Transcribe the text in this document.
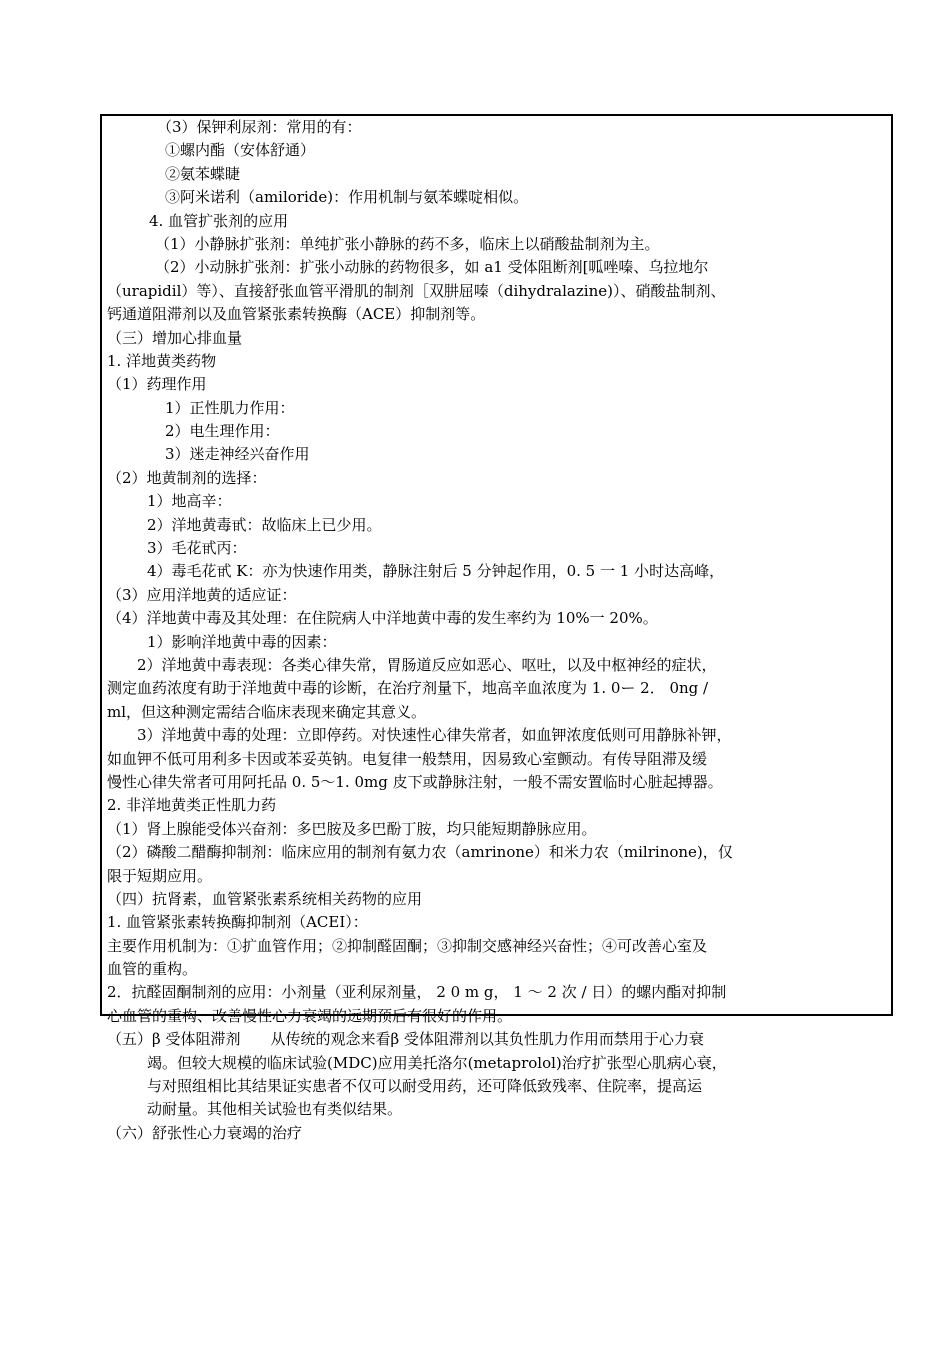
（3）保钾利尿剂：常用的有：
①螺内酯（安体舒通）
②氨苯蝶睫
③阿米诺利（amiloride)：作用机制与氨苯蝶啶相似。
4. 血管扩张剂的应用
（1）小静脉扩张剂：单纯扩张小静脉的药不多，临床上以硝酸盐制剂为主。
（2）小动脉扩张剂：扩张小动脉的药物很多，如 a1 受体阻断剂[呱唑嗪、乌拉地尔
（urapidil）等）、直接舒张血管平滑肌的制剂［双肼屈嗪（dihydralazine)）、硝酸盐制剂、
钙通道阻滞剂以及血管紧张素转换酶（ACE）抑制剂等。
（三）增加心排血量
1. 洋地黄类药物
（1）药理作用
1）正性肌力作用：
2）电生理作用：
3）迷走神经兴奋作用
（2）地黄制剂的选择：
1）地高辛：
2）洋地黄毒甙：故临床上已少用。
3）毛花甙丙：
4）毒毛花甙 K：亦为快速作用类，静脉注射后 5 分钟起作用，0. 5 一 1 小时达高峰，
（3）应用洋地黄的适应证：
（4）洋地黄中毒及其处理：在住院病人中洋地黄中毒的发生率约为 10%一 20%。
1）影响洋地黄中毒的因素：
2）洋地黄中毒表现：各类心律失常，胃肠道反应如恶心、呕吐，以及中枢神经的症状，
测定血药浓度有助于洋地黄中毒的诊断，在治疗剂量下，地高辛血浓度为 1. 0ー 2． 0ng /
ml，但这种测定需结合临床表现来确定其意义。
3）洋地黄中毒的处理：立即停药。对快速性心律失常者，如血钾浓度低则可用静脉补钾，
如血钾不低可用利多卡因或苯妥英钠。电复律一般禁用，因易致心室颤动。有传导阻滞及缓
慢性心律失常者可用阿托品 0. 5～1. 0mg 皮下或静脉注射，一般不需安置临时心脏起搏器。
2. 非洋地黄类正性肌力药
（1）肾上腺能受体兴奋剂：多巴胺及多巴酚丁胺，均只能短期静脉应用。
（2）磷酸二醋酶抑制剂：临床应用的制剂有氨力农（amrinone）和米力农（milrinone)，仅
限于短期应用。
（四）抗肾素，血管紧张素系统相关药物的应用
1. 血管紧张素转换酶抑制剂（ACEI）：
主要作用机制为：①扩血管作用；②抑制醛固酮；③抑制交感神经兴奋性；④可改善心室及
血管的重构。
2．抗醛固酮制剂的应用：小剂量（亚利尿剂量， 2 0 m g， 1 ～ 2 次 / 日）的螺内酯对抑制
心血管的重构、改善慢性心力衰竭的远期预后有很好的作用。
（五）β 受体阻滞剂　　从传统的观念来看β 受体阻滞剂以其负性肌力作用而禁用于心力衰
竭。但较大规模的临床试验(MDC)应用美托洛尔(metaprolol)治疗扩张型心肌病心衰，
与对照组相比其结果证实患者不仅可以耐受用药，还可降低致残率、住院率，提高运
动耐量。其他相关试验也有类似结果。
（六）舒张性心力衰竭的治疗
